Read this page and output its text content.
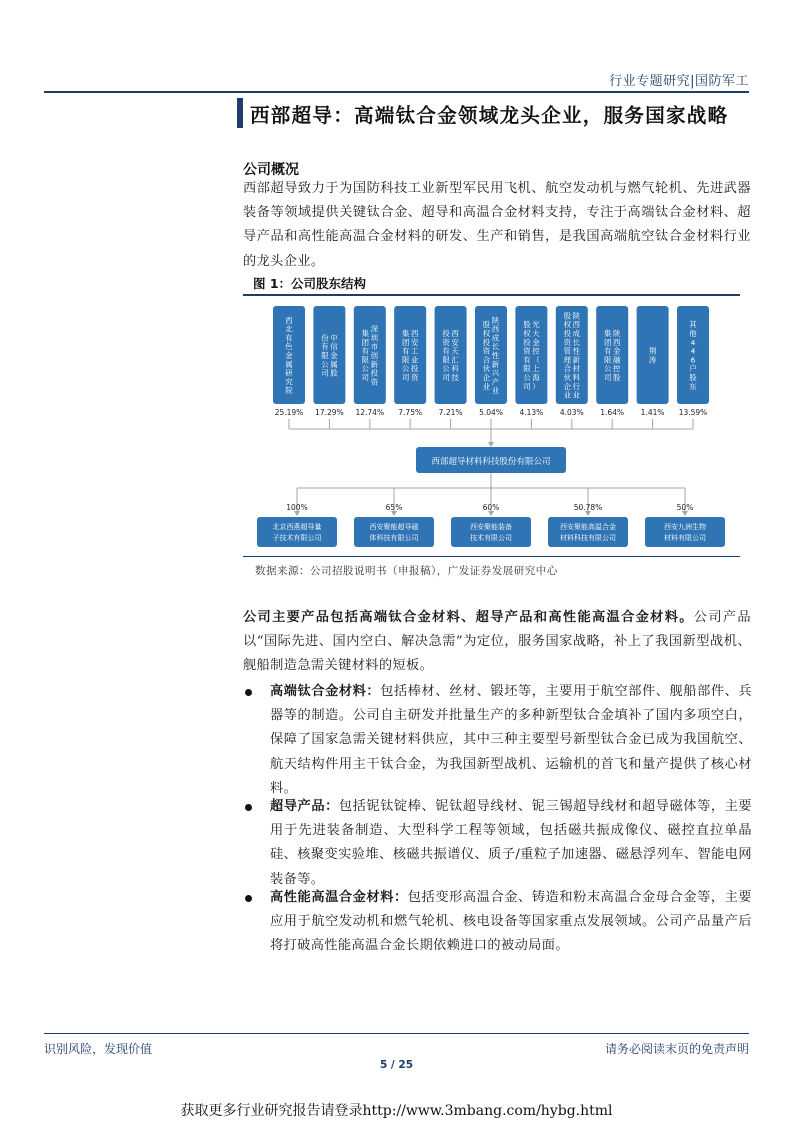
行业专题研究|国防军工
西部超导：高端钛合金领域龙头企业，服务国家战略
公司概况
西部超导致力于为国防科技工业新型军民用飞机、航空发动机与燃气轮机、先进武器装备等领域提供关键钛合金、超导和高温合金材料支持，专注于高端钛合金材料、超导产品和高性能高温合金材料的研发、生产和销售，是我国高端航空钛合金材料行业的龙头企业。
图 1：公司股东结构
西
北
有
色
金
属
研
究
院
25.19%
中
信
金
属
股
份
有
限
公
司
17.29%
深
圳
市
创
新
投
资
集
团
有
限
公
司
12.74%
西
安
工
业
投
资
集
团
有
限
公
司
7.75%
西
安
天
汇
科
技
投
资
有
限
公
司
7.21%
陕
西
成
长
性
新
兴
产
业
股
权
投
资
合
伙
企
业
5.04%
光
大
金
控
（
上
海
）
股
权
投
资
有
限
公
司
4.13%
陕
西
成
长
性
新
材
料
行
业
股
权
投
资
管
理
合
伙
企
业
4.03%
陕
西
金
融
控
股
集
团
有
限
公
司
1.64%
荆
涛
1.41%
其
他
4
4
6
户
股
东
13.59%
西部超导材料科技股份有限公司
100%
北京西燕超导量
子技术有限公司
65%
西安聚能超导磁
体科技有限公司
60%
西安聚能装备
技术有限公司
50.78%
西安聚能高温合金
材料科技有限公司
50%
西安九洲生物
材料有限公司
数据来源：公司招股说明书（申报稿），广发证券发展研究中心
公司主要产品包括高端钛合金材料、超导产品和高性能高温合金材料。公司产品以“国际先进、国内空白、解决急需”为定位，服务国家战略，补上了我国新型战机、舰船制造急需关键材料的短板。
高端钛合金材料：包括棒材、丝材、锻坯等，主要用于航空部件、舰船部件、兵器等的制造。公司自主研发并批量生产的多种新型钛合金填补了国内多项空白，保障了国家急需关键材料供应，其中三种主要型号新型钛合金已成为我国航空、航天结构件用主干钛合金，为我国新型战机、运输机的首飞和量产提供了核心材料。
超导产品：包括铌钛锭棒、铌钛超导线材、铌三锡超导线材和超导磁体等，主要用于先进装备制造、大型科学工程等领域，包括磁共振成像仪、磁控直拉单晶硅、核聚变实验堆、核磁共振谱仪、质子/重粒子加速器、磁悬浮列车、智能电网装备等。
高性能高温合金材料：包括变形高温合金、铸造和粉末高温合金母合金等，主要应用于航空发动机和燃气轮机、核电设备等国家重点发展领域。公司产品量产后将打破高性能高温合金长期依赖进口的被动局面。
识别风险，发现价值	请务必阅读末页的免责声明
5 / 25
获取更多行业研究报告请登录http://www.3mbang.com/hybg.html
